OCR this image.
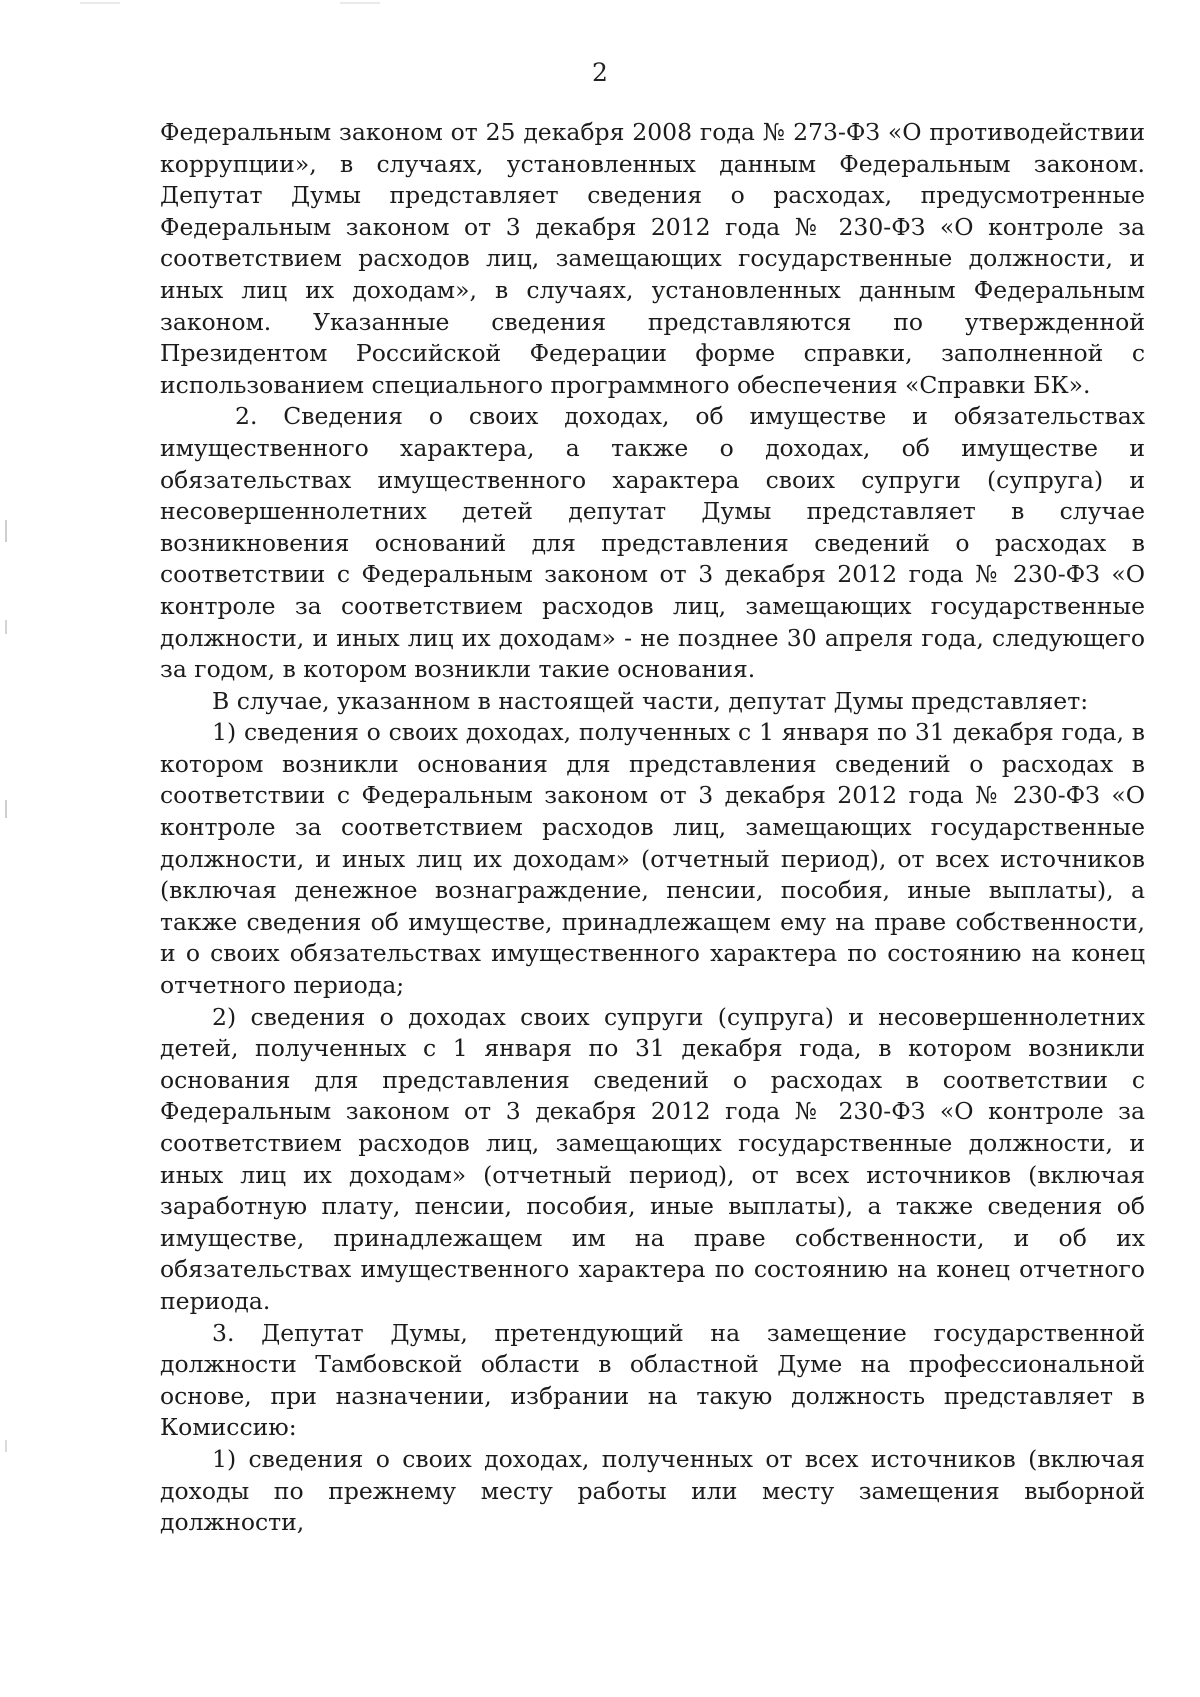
2

Федеральным законом от 25 декабря 2008 года № 273-ФЗ «О противодействии коррупции», в случаях, установленных данным Федеральным законом. Депутат Думы представляет сведения о расходах, предусмотренные Федеральным законом от 3 декабря 2012 года № 230-ФЗ «О контроле за соответствием расходов лиц, замещающих государственные должности, и иных лиц их доходам», в случаях, установленных данным Федеральным законом. Указанные сведения представляются по утвержденной Президентом Российской Федерации форме справки, заполненной с использованием специального программного обеспечения «Справки БК».

2. Сведения о своих доходах, об имуществе и обязательствах имущественного характера, а также о доходах, об имуществе и обязательствах имущественного характера своих супруги (супруга) и несовершеннолетних детей депутат Думы представляет в случае возникновения оснований для представления сведений о расходах в соответствии с Федеральным законом от 3 декабря 2012 года № 230-ФЗ «О контроле за соответствием расходов лиц, замещающих государственные должности, и иных лиц их доходам» - не позднее 30 апреля года, следующего за годом, в котором возникли такие основания.

В случае, указанном в настоящей части, депутат Думы представляет:

1) сведения о своих доходах, полученных с 1 января по 31 декабря года, в котором возникли основания для представления сведений о расходах в соответствии с Федеральным законом от 3 декабря 2012 года № 230-ФЗ «О контроле за соответствием расходов лиц, замещающих государственные должности, и иных лиц их доходам» (отчетный период), от всех источников (включая денежное вознаграждение, пенсии, пособия, иные выплаты), а также сведения об имуществе, принадлежащем ему на праве собственности, и о своих обязательствах имущественного характера по состоянию на конец отчетного периода;

2) сведения о доходах своих супруги (супруга) и несовершеннолетних детей, полученных с 1 января по 31 декабря года, в котором возникли основания для представления сведений о расходах в соответствии с Федеральным законом от 3 декабря 2012 года № 230-ФЗ «О контроле за соответствием расходов лиц, замещающих государственные должности, и иных лиц их доходам» (отчетный период), от всех источников (включая заработную плату, пенсии, пособия, иные выплаты), а также сведения об имуществе, принадлежащем им на праве собственности, и об их обязательствах имущественного характера по состоянию на конец отчетного периода.

3. Депутат Думы, претендующий на замещение государственной должности Тамбовской области в областной Думе на профессиональной основе, при назначении, избрании на такую должность представляет в Комиссию:

1) сведения о своих доходах, полученных от всех источников (включая доходы по прежнему месту работы или месту замещения выборной должности,
